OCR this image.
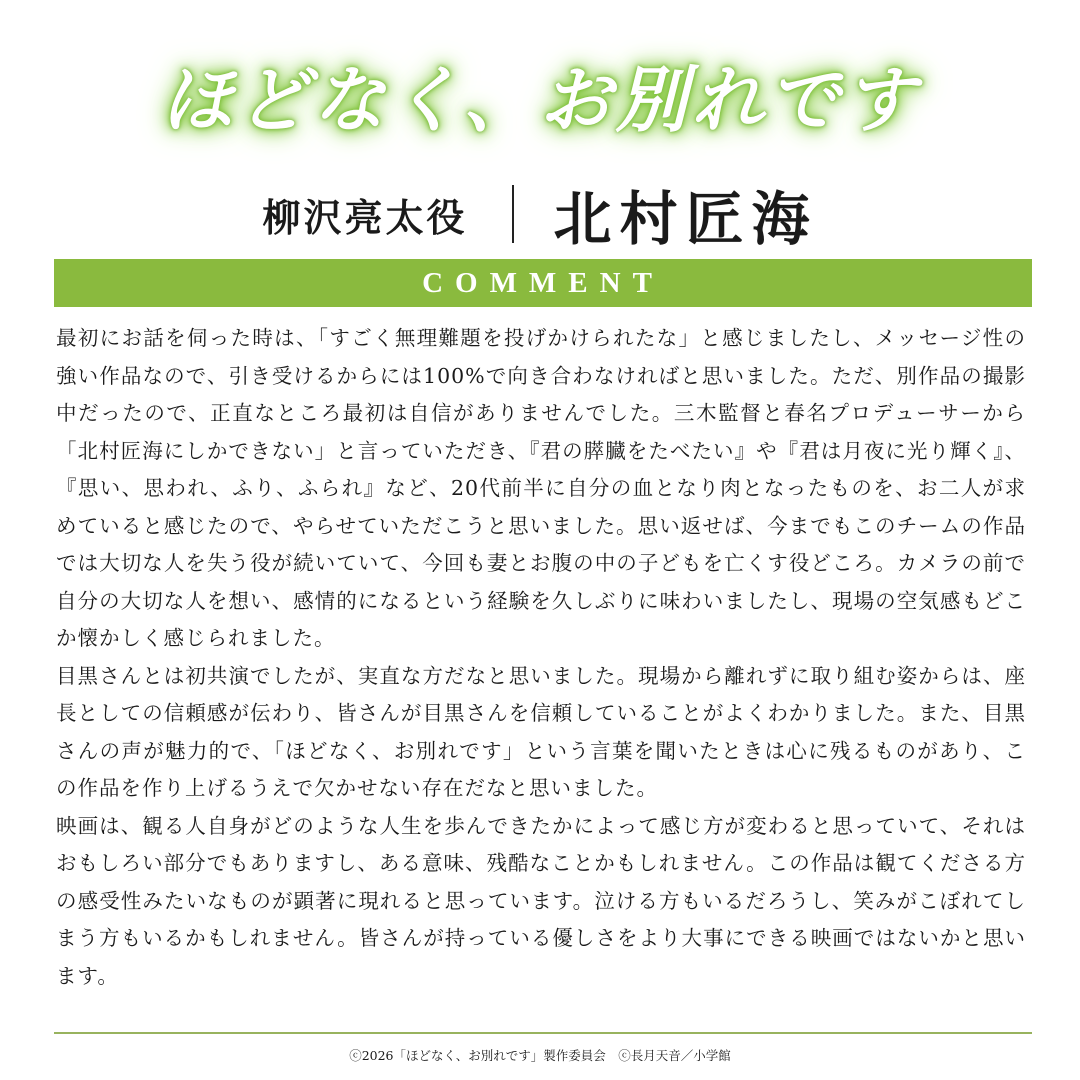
ほどなく、お別れです
柳沢亮太役 北村匠海
COMMENT

最初にお話を伺った時は、「すごく無理難題を投げかけられたな」と感じましたし、メッセージ性の強い作品なので、引き受けるからには100%で向き合わなければと思いました。ただ、別作品の撮影中だったので、正直なところ最初は自信がありませんでした。三木監督と春名プロデューサーから「北村匠海にしかできない」と言っていただき、『君の膵臓をたべたい』や『君は月夜に光り輝く』、『思い、思われ、ふり、ふられ』など、20代前半に自分の血となり肉となったものを、お二人が求めていると感じたので、やらせていただこうと思いました。思い返せば、今までもこのチームの作品では大切な人を失う役が続いていて、今回も妻とお腹の中の子どもを亡くす役どころ。カメラの前で自分の大切な人を想い、感情的になるという経験を久しぶりに味わいましたし、現場の空気感もどこか懐かしく感じられました。

目黒さんとは初共演でしたが、実直な方だなと思いました。現場から離れずに取り組む姿からは、座長としての信頼感が伝わり、皆さんが目黒さんを信頼していることがよくわかりました。また、目黒さんの声が魅力的で、「ほどなく、お別れです」という言葉を聞いたときは心に残るものがあり、この作品を作り上げるうえで欠かせない存在だなと思いました。

映画は、観る人自身がどのような人生を歩んできたかによって感じ方が変わると思っていて、それはおもしろい部分でもありますし、ある意味、残酷なことかもしれません。この作品は観てくださる方の感受性みたいなものが顕著に現れると思っています。泣ける方もいるだろうし、笑みがこぼれてしまう方もいるかもしれません。皆さんが持っている優しさをより大事にできる映画ではないかと思います。

ⓒ2026「ほどなく、お別れです」製作委員会　ⓒ長月天音／小学館
